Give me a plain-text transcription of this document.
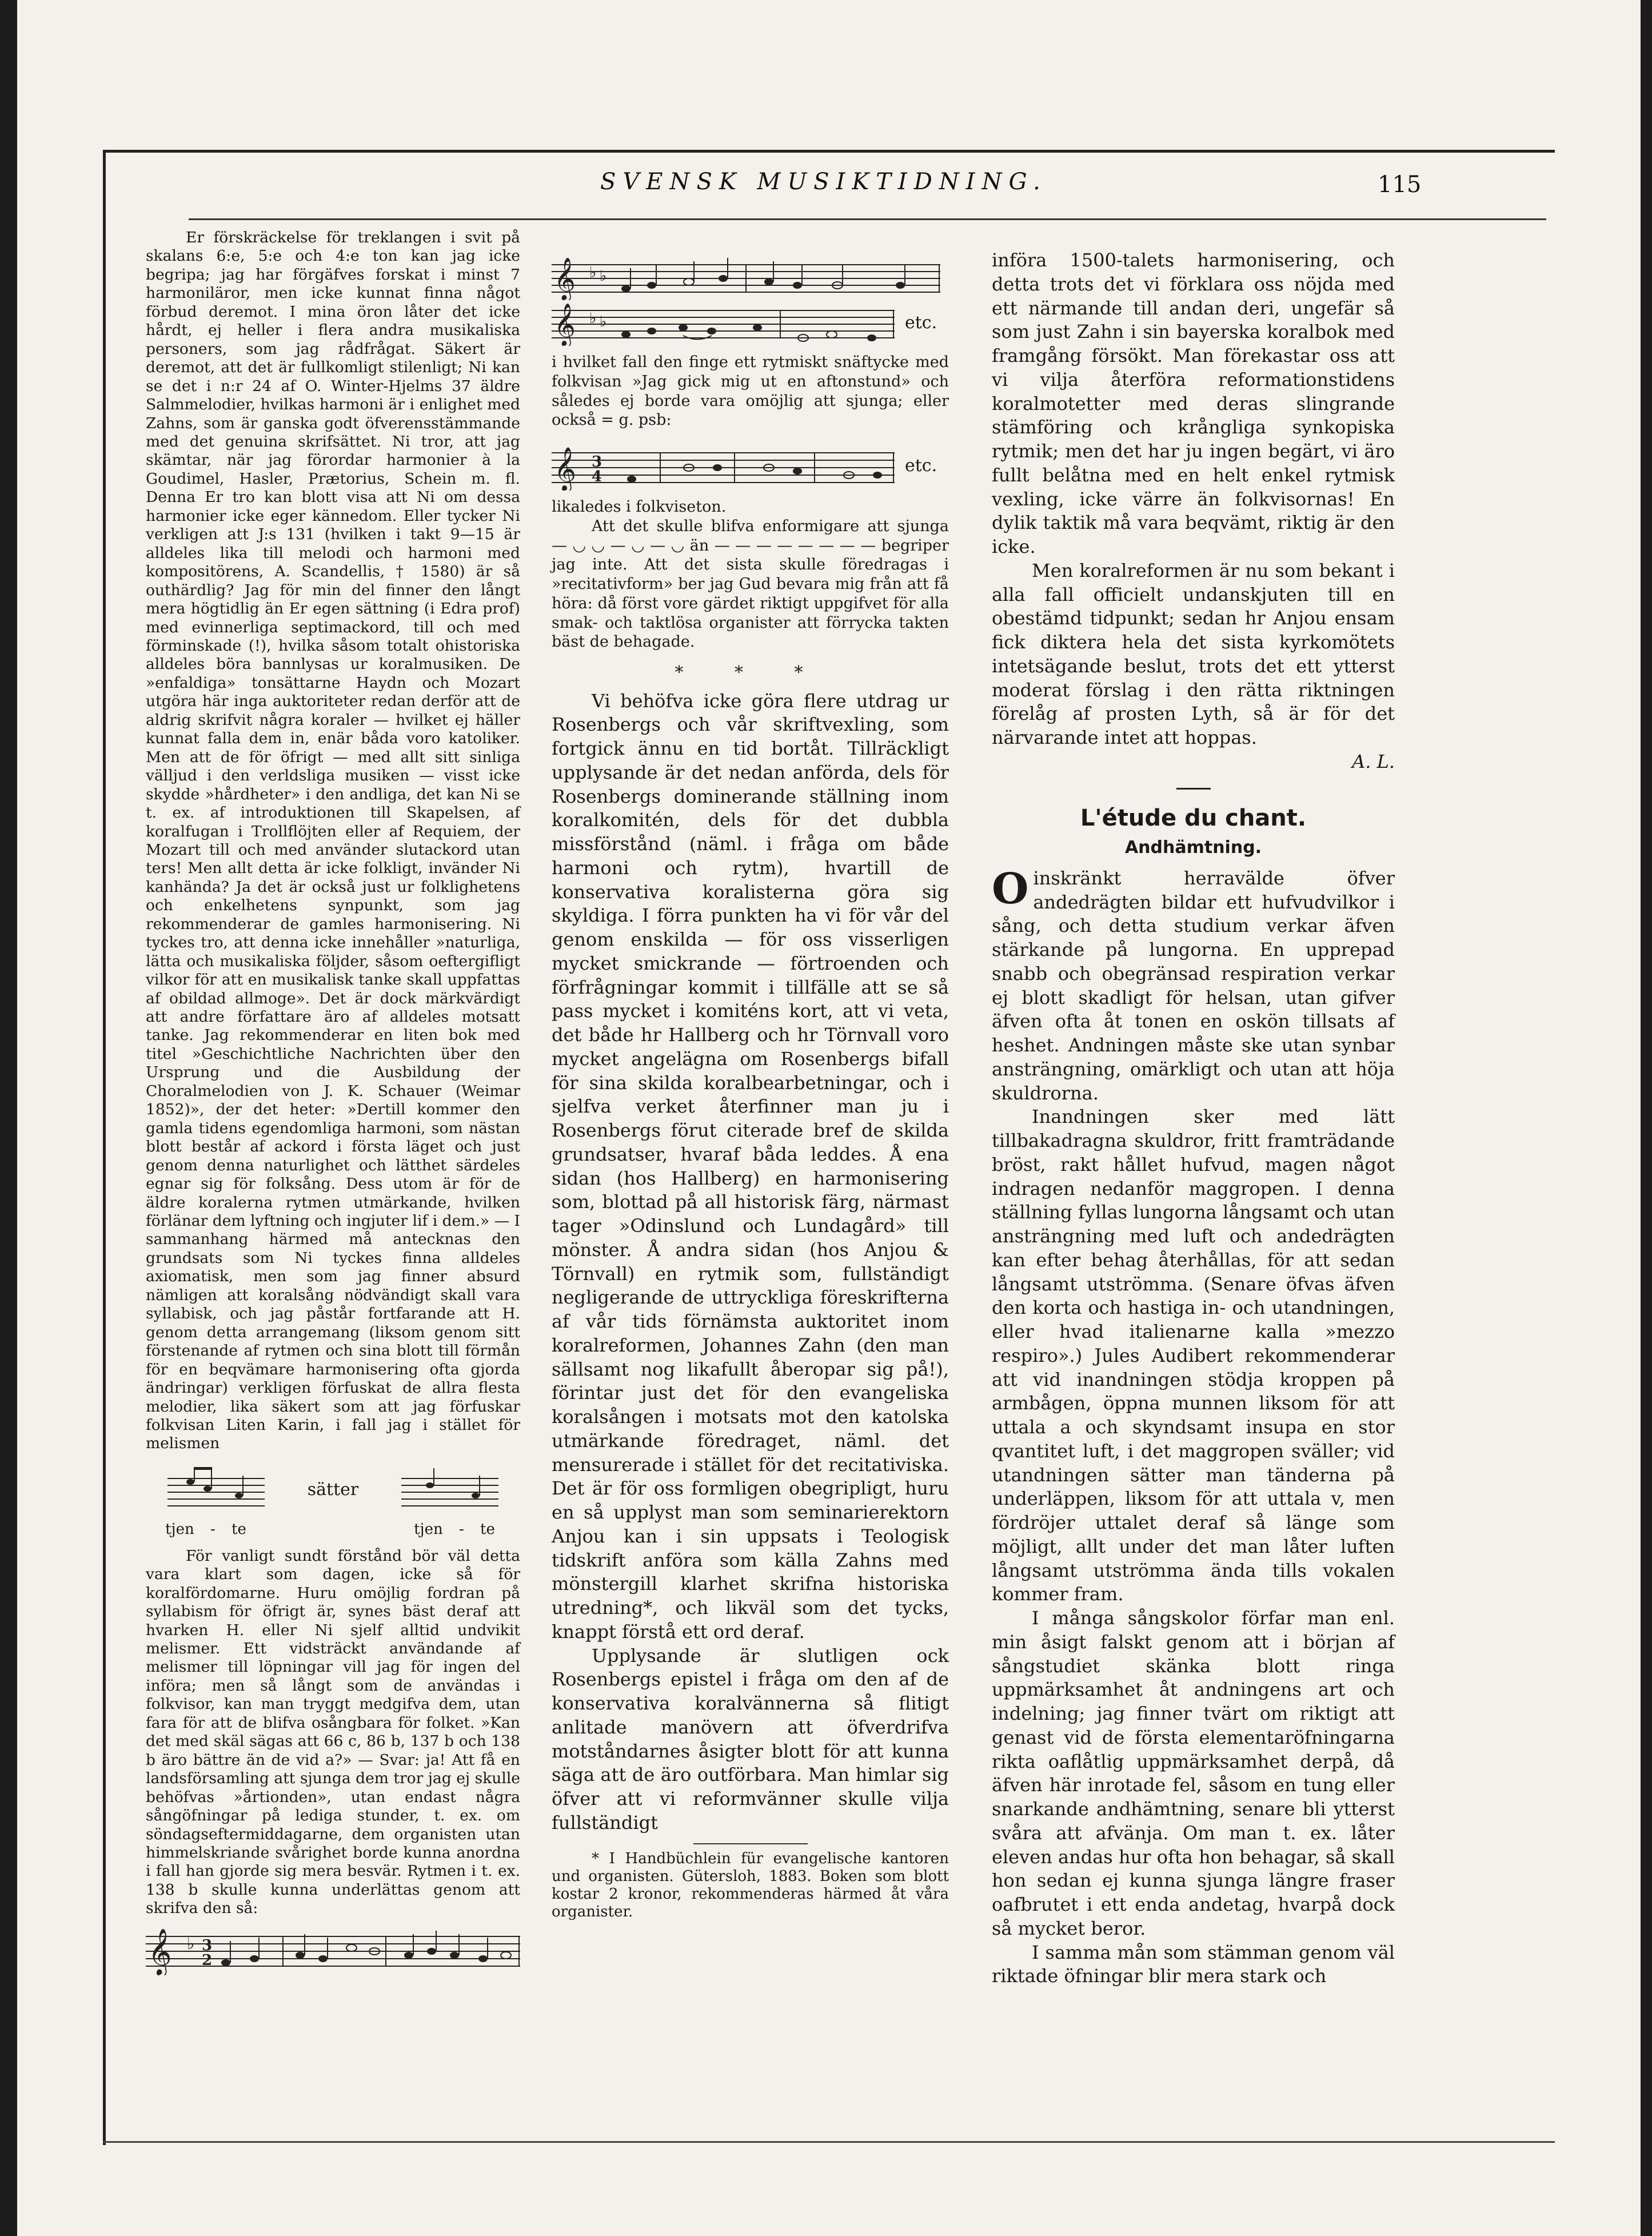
SVENSK MUSIKTIDNING.	115

Er förskräckelse för treklangen i svit på skalans 6:e, 5:e och 4:e ton kan jag icke begripa; jag har förgäfves forskat i minst 7 harmoniläror, men icke kunnat finna något förbud deremot. I mina öron låter det icke hårdt, ej heller i flera andra musikaliska personers, som jag rådfrågat. Säkert är deremot, att det är fullkomligt stilenligt; Ni kan se det i n:r 24 af O. Winter-Hjelms 37 äldre Salmmelodier, hvilkas harmoni är i enlighet med Zahns, som är ganska godt öfverensstämmande med det genuina skrifsättet. Ni tror, att jag skämtar, när jag förordar harmonier à la Goudimel, Hasler, Prætorius, Schein m. fl. Denna Er tro kan blott visa att Ni om dessa harmonier icke eger kännedom. Eller tycker Ni verkligen att J:s 131 (hvilken i takt 9—15 är alldeles lika till melodi och harmoni med kompositörens, A. Scandellis, † 1580) är så outhärdlig? Jag för min del finner den långt mera högtidlig än Er egen sättning (i Edra prof) med evinnerliga septimackord, till och med förminskade (!), hvilka såsom totalt ohistoriska alldeles böra bannlysas ur koralmusiken. De »enfaldiga» tonsättarne Haydn och Mozart utgöra här inga auktoriteter redan derför att de aldrig skrifvit några koraler — hvilket ej häller kunnat falla dem in, enär båda voro katoliker. Men att de för öfrigt — med allt sitt sinliga välljud i den verldsliga musiken — visst icke skydde »hårdheter» i den andliga, det kan Ni se t. ex. af introduktionen till Skapelsen, af koralfugan i Trollflöjten eller af Requiem, der Mozart till och med använder slutackord utan ters! Men allt detta är icke folkligt, invänder Ni kanhända? Ja det är också just ur folklighetens och enkelhetens synpunkt, som jag rekommenderar de gamles harmonisering. Ni tyckes tro, att denna icke innehåller »naturliga, lätta och musikaliska följder, såsom oeftergifligt vilkor för att en musikalisk tanke skall uppfattas af obildad allmoge». Det är dock märkvärdigt att andre författare äro af alldeles motsatt tanke. Jag rekommenderar en liten bok med titel »Geschichtliche Nachrichten über den Ursprung und die Ausbildung der Choralmelodien von J. K. Schauer (Weimar 1852)», der det heter: »Dertill kommer den gamla tidens egendomliga harmoni, som nästan blott består af ackord i första läget och just genom denna naturlighet och lätthet särdeles egnar sig för folksång. Dess utom är för de äldre koralerna rytmen utmärkande, hvilken förlänar dem lyftning och ingjuter lif i dem.» — I sammanhang härmed må antecknas den grundsats som Ni tyckes finna alldeles axiomatisk, men som jag finner absurd nämligen att koralsång nödvändigt skall vara syllabisk, och jag påstår fortfarande att H. genom detta arrangemang (liksom genom sitt förstenande af rytmen och sina blott till förmån för en beqvämare harmonisering ofta gjorda ändringar) verkligen förfuskat de allra flesta melodier, lika säkert som att jag förfuskar folkvisan Liten Karin, i fall jag i stället för melismen

sätter
tjen - te	tjen - te

För vanligt sundt förstånd bör väl detta vara klart som dagen, icke så för koralfördomarne. Huru omöjlig fordran på syllabism för öfrigt är, synes bäst deraf att hvarken H. eller Ni sjelf alltid undvikit melismer. Ett vidsträckt användande af melismer till löpningar vill jag för ingen del införa; men så långt som de användas i folkvisor, kan man tryggt medgifva dem, utan fara för att de blifva osångbara för folket. »Kan det med skäl sägas att 66 c, 86 b, 137 b och 138 b äro bättre än de vid a?» — Svar: ja! Att få en landsförsamling att sjunga dem tror jag ej skulle behöfvas »årtionden», utan endast några sångöfningar på lediga stunder, t. ex. om söndagseftermiddagarne, dem organisten utan himmelskriande svårighet borde kunna anordna i fall han gjorde sig mera besvär. Rytmen i t. ex. 138 b skulle kunna underlättas genom att skrifva den så:

𝄞 ♭ 3
2
𝄞 ♭ ♭
𝄞 ♭ ♭	etc.

i hvilket fall den finge ett rytmiskt snäftycke med folkvisan »Jag gick mig ut en aftonstund» och således ej borde vara omöjlig att sjunga; eller också = g. psb:

𝄞 3
4
etc.

likaledes i folkviseton.

Att det skulle blifva enformigare att sjunga — ◡ ◡ — ◡ — ◡ än — — — — — — — — begriper jag inte. Att det sista skulle föredragas i »recitativform» ber jag Gud bevara mig från att få höra: då först vore gärdet riktigt uppgifvet för alla smak- och taktlösa organister att förrycka takten bäst de behagade.

* * *

Vi behöfva icke göra flere utdrag ur Rosenbergs och vår skriftvexling, som fortgick ännu en tid bortåt. Tillräckligt upplysande är det nedan anförda, dels för Rosenbergs dominerande ställning inom koralkomitén, dels för det dubbla missförstånd (näml. i fråga om både harmoni och rytm), hvartill de konservativa koralisterna göra sig skyldiga. I förra punkten ha vi för vår del genom enskilda — för oss visserligen mycket smickrande — förtroenden och förfrågningar kommit i tillfälle att se så pass mycket i komiténs kort, att vi veta, det både hr Hallberg och hr Törnvall voro mycket angelägna om Rosenbergs bifall för sina skilda koralbearbetningar, och i sjelfva verket återfinner man ju i Rosenbergs förut citerade bref de skilda grundsatser, hvaraf båda leddes. Å ena sidan (hos Hallberg) en harmonisering som, blottad på all historisk färg, närmast tager »Odinslund och Lundagård» till mönster. Å andra sidan (hos Anjou & Törnvall) en rytmik som, fullständigt negligerande de uttryckliga föreskrifterna af vår tids förnämsta auktoritet inom koralreformen, Johannes Zahn (den man sällsamt nog likafullt åberopar sig på!), förintar just det för den evangeliska koralsången i motsats mot den katolska utmärkande föredraget, näml. det mensurerade i stället för det recitativiska. Det är för oss formligen obegripligt, huru en så upplyst man som seminarierektorn Anjou kan i sin uppsats i Teologisk tidskrift anföra som källa Zahns med mönstergill klarhet skrifna historiska utredning*, och likväl som det tycks, knappt förstå ett ord deraf.

Upplysande är slutligen ock Rosenbergs epistel i fråga om den af de konservativa koralvännerna så flitigt anlitade manövern att öfverdrifva motståndarnes åsigter blott för att kunna säga att de äro outförbara. Man himlar sig öfver att vi reformvänner skulle vilja fullständigt

* I Handbüchlein für evangelische kantoren und organisten. Gütersloh, 1883. Boken som blott kostar 2 kronor, rekommenderas härmed åt våra organister.

införa 1500-talets harmonisering, och detta trots det vi förklara oss nöjda med ett närmande till andan deri, ungefär så som just Zahn i sin bayerska koralbok med framgång försökt. Man förekastar oss att vi vilja återföra reformationstidens koralmotetter med deras slingrande stämföring och krångliga synkopiska rytmik; men det har ju ingen begärt, vi äro fullt belåtna med en helt enkel rytmisk vexling, icke värre än folkvisornas! En dylik taktik må vara beqvämt, riktig är den icke.

Men koralreformen är nu som bekant i alla fall officielt undanskjuten till en obestämd tidpunkt; sedan hr Anjou ensam fick diktera hela det sista kyrkomötets intetsägande beslut, trots det ett ytterst moderat förslag i den rätta riktningen förelåg af prosten Lyth, så är för det närvarande intet att hoppas.

A. L.
L'étude du chant.
Andhämtning.

O inskränkt herravälde öfver andedrägten bildar ett hufvudvilkor i sång, och detta studium verkar äfven stärkande på lungorna. En upprepad snabb och obegränsad respiration verkar ej blott skadligt för helsan, utan gifver äfven ofta åt tonen en oskön tillsats af heshet. Andningen måste ske utan synbar ansträngning, omärkligt och utan att höja skuldrorna.

Inandningen sker med lätt tillbakadragna skuldror, fritt framträdande bröst, rakt hållet hufvud, magen något indragen nedanför maggropen. I denna ställning fyllas lungorna långsamt och utan ansträngning med luft och andedrägten kan efter behag återhållas, för att sedan långsamt utströmma. (Senare öfvas äfven den korta och hastiga in- och utandningen, eller hvad italienarne kalla »mezzo respiro».) Jules Audibert rekommenderar att vid inandningen stödja kroppen på armbågen, öppna munnen liksom för att uttala a och skyndsamt insupa en stor qvantitet luft, i det maggropen sväller; vid utandningen sätter man tänderna på underläppen, liksom för att uttala v, men fördröjer uttalet deraf så länge som möjligt, allt under det man låter luften långsamt utströmma ända tills vokalen kommer fram.

I många sångskolor förfar man enl. min åsigt falskt genom att i början af sångstudiet skänka blott ringa uppmärksamhet åt andningens art och indelning; jag finner tvärt om riktigt att genast vid de första elementaröfningarna rikta oaflåtlig uppmärksamhet derpå, då äfven här inrotade fel, såsom en tung eller snarkande andhämtning, senare bli ytterst svåra att afvänja. Om man t. ex. låter eleven andas hur ofta hon behagar, så skall hon sedan ej kunna sjunga längre fraser oafbrutet i ett enda andetag, hvarpå dock så mycket beror.

I samma mån som stämman genom väl riktade öfningar blir mera stark och
